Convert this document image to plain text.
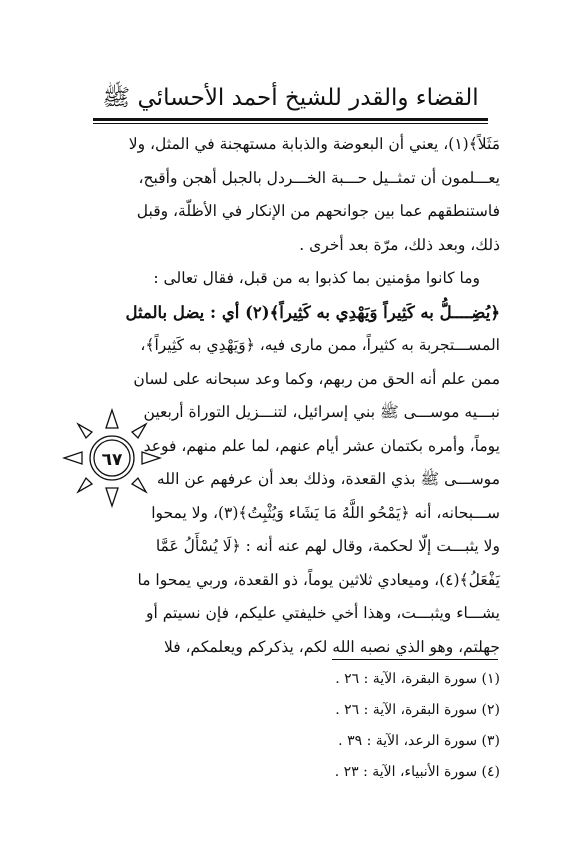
القضاء والقدر للشيخ أحمد الأحسائي ﷺ

مَثَلاً﴾(١)، يعني أن البعوضة والذبابة مستهجنة في المثل، ولا

يعـــلمون أن تمثــيل حـــبة الخـــردل بالجبل أهجن وأقبح،

فاستنطقهم عما بين جوانحهم من الإنكار في الأظلّة، وقبل

ذلك، وبعد ذلك، مرّة بعد أخرى .

وما كانوا مؤمنين بما كذبوا به من قبل، فقال تعالى :

﴿يُضِــــلُّ به كَثِيراً وَيَهْدِي به كَثِيراً﴾(٢) أي : يضل بالمثل

المســـتجربة به كثيراً، ممن مارى فيه، ﴿وَيَهْدِي به كَثِيراً﴾،

ممن علم أنه الحق من ربهم، وكما وعد سبحانه على لسان

نبـــيه موســـى ﷺ بني إسرائيل، لتنـــزيل التوراة أربعين

يوماً، وأمره بكتمان عشر أيام عنهم، لما علم منهم، فوعد

موســـى ﷺ بذي القعدة، وذلك بعد أن عرفهم عن الله

ســـبحانه، أنه ﴿يَمْحُو اللَّهُ مَا يَشَاء وَيُثْبِتُ﴾(٣)، ولا يمحوا

ولا يثبـــت إلّا لحكمة، وقال لهم عنه أنه : ﴿لَا يُسْأَلُ عَمَّا

يَفْعَلُ﴾(٤)، وميعادي ثلاثين يوماً، ذو القعدة، وربي يمحوا ما

يشـــاء ويثبـــت، وهذا أخي خليفتي عليكم، فإن نسيتم أو

جهلتم، وهو الذي نصبه الله لكم، يذكركم ويعلمكم، فلا

٦٧
(١) سورة البقرة، الآية : ٢٦ .
(٢) سورة البقرة، الآية : ٢٦ .
(٣) سورة الرعد، الآية : ٣٩ .
(٤) سورة الأنبياء، الآية : ٢٣ .
